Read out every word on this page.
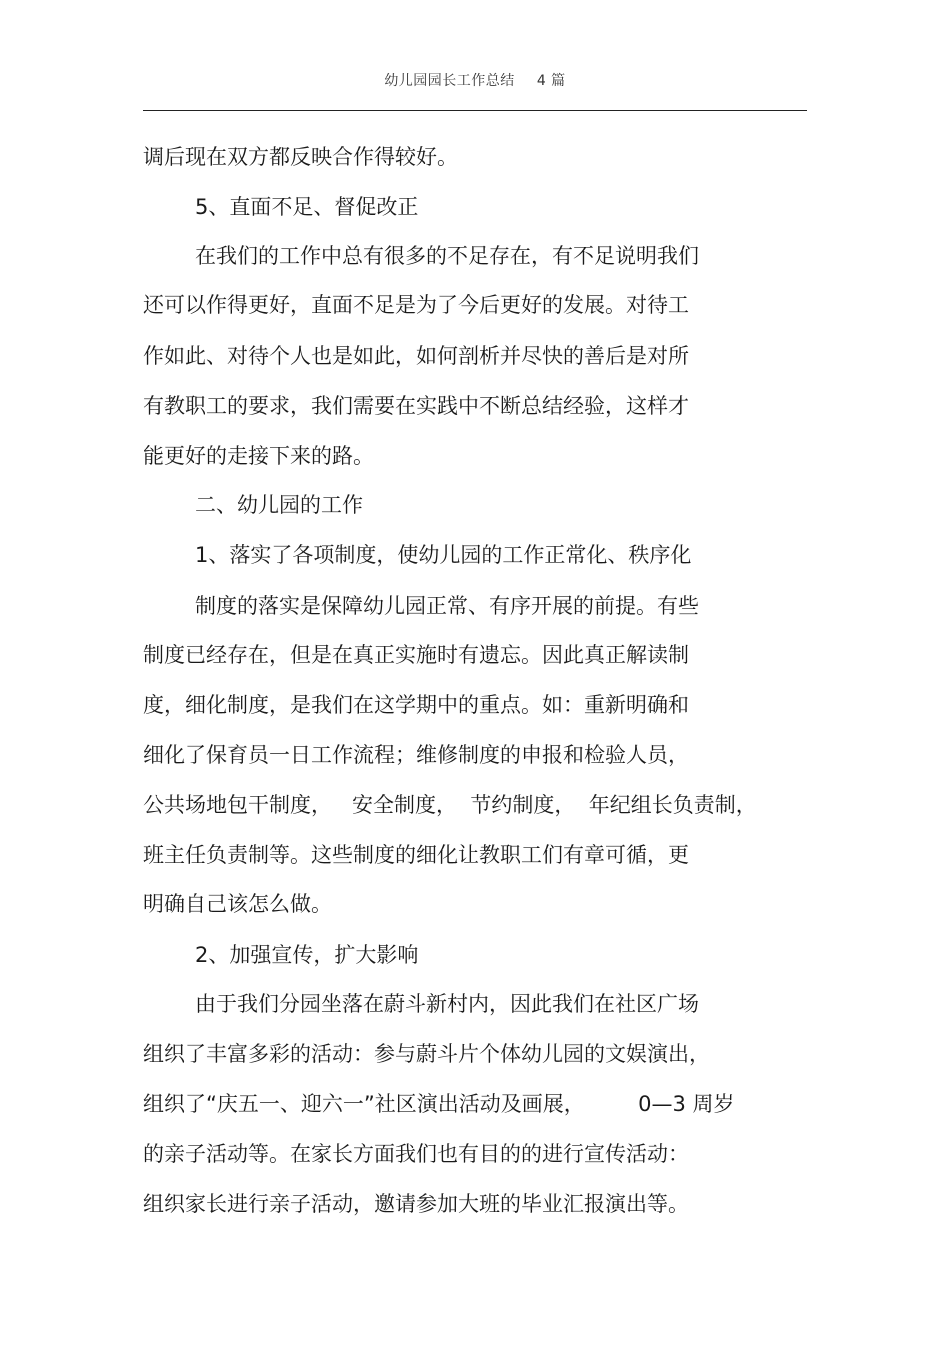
幼儿园园长工作总结 4 篇
调后现在双方都反映合作得较好。
5、直面不足、督促改正
在我们的工作中总有很多的不足存在，有不足说明我们
还可以作得更好，直面不足是为了今后更好的发展。对待工
作如此、对待个人也是如此，如何剖析并尽快的善后是对所
有教职工的要求，我们需要在实践中不断总结经验，这样才
能更好的走接下来的路。
二、幼儿园的工作
1、落实了各项制度，使幼儿园的工作正常化、秩序化
制度的落实是保障幼儿园正常、有序开展的前提。有些
制度已经存在，但是在真正实施时有遗忘。因此真正解读制
度，细化制度，是我们在这学期中的重点。如：重新明确和
细化了保育员一日工作流程；维修制度的申报和检验人员，
公共场地包干制度，   安全制度，  节约制度，  年纪组长负责制，
班主任负责制等。这些制度的细化让教职工们有章可循，更
明确自己该怎么做。
2、加强宣传，扩大影响
由于我们分园坐落在蔚斗新村内，因此我们在社区广场
组织了丰富多彩的活动：参与蔚斗片个体幼儿园的文娱演出，
组织了“庆五一、迎六一”社区演出活动及画展，        0—3 周岁
的亲子活动等。在家长方面我们也有目的的进行宣传活动：
组织家长进行亲子活动，邀请参加大班的毕业汇报演出等。
